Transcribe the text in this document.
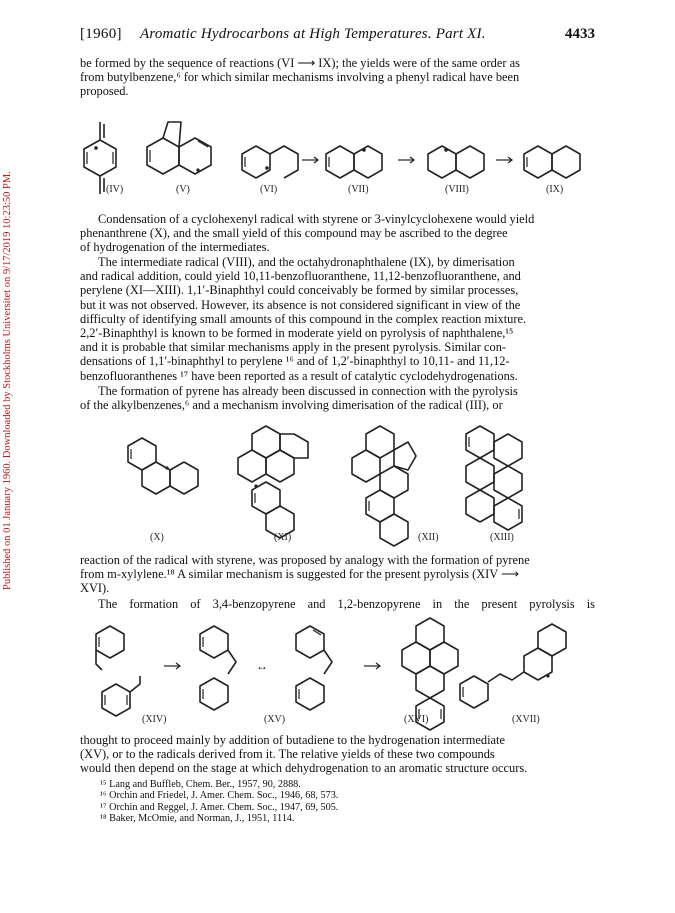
Published on 01 January 1960. Downloaded by Stockholms Universitet on 9/17/2019 10:23:50 PM.
[1960] Aromatic Hydrocarbons at High Temperatures. Part XI.	4433
be formed by the sequence of reactions (VI ⟶ IX); the yields were of the same order as
from butylbenzene,⁶ for which similar mechanisms involving a phenyl radical have been
proposed.
(IV)	(V)	(VI)	(VII)	(VIII)	(IX)
Condensation of a cyclohexenyl radical with styrene or 3-vinylcyclohexene would yield
phenanthrene (X), and the small yield of this compound may be ascribed to the degree
of hydrogenation of the intermediates.
The intermediate radical (VIII), and the octahydronaphthalene (IX), by dimerisation
and radical addition, could yield 10,11-benzofluoranthene, 11,12-benzofluoranthene, and
perylene (XI—XIII). 1,1′-Binaphthyl could conceivably be formed by similar processes,
but it was not observed. However, its absence is not considered significant in view of the
difficulty of identifying small amounts of this compound in the complex reaction mixture.
2,2′-Binaphthyl is known to be formed in moderate yield on pyrolysis of naphthalene,¹⁵
and it is probable that similar mechanisms apply in the present pyrolysis. Similar con-
densations of 1,1′-binaphthyl to perylene ¹⁶ and of 1,2′-binaphthyl to 10,11- and 11,12-
benzofluoranthenes ¹⁷ have been reported as a result of catalytic cyclodehydrogenations.
The formation of pyrene has already been discussed in connection with the pyrolysis
of the alkylbenzenes,⁶ and a mechanism involving dimerisation of the radical (III), or
(X)	(XI)	(XII)	(XIII)
reaction of the radical with styrene, was proposed by analogy with the formation of pyrene
from m-xylylene.¹⁸ A similar mechanism is suggested for the present pyrolysis (XIV ⟶
XVI).
The formation of 3,4-benzopyrene and 1,2-benzopyrene in the present pyrolysis is
↔
(XIV)	(XV)	(XVI)	(XVII)
thought to proceed mainly by addition of butadiene to the hydrogenation intermediate
(XV), or to the radicals derived from it. The relative yields of these two compounds
would then depend on the stage at which dehydrogenation to an aromatic structure occurs.
¹⁵ Lang and Buffleb, Chem. Ber., 1957, 90, 2888.
¹⁶ Orchin and Friedel, J. Amer. Chem. Soc., 1946, 68, 573.
¹⁷ Orchin and Reggel, J. Amer. Chem. Soc., 1947, 69, 505.
¹⁸ Baker, McOmie, and Norman, J., 1951, 1114.
